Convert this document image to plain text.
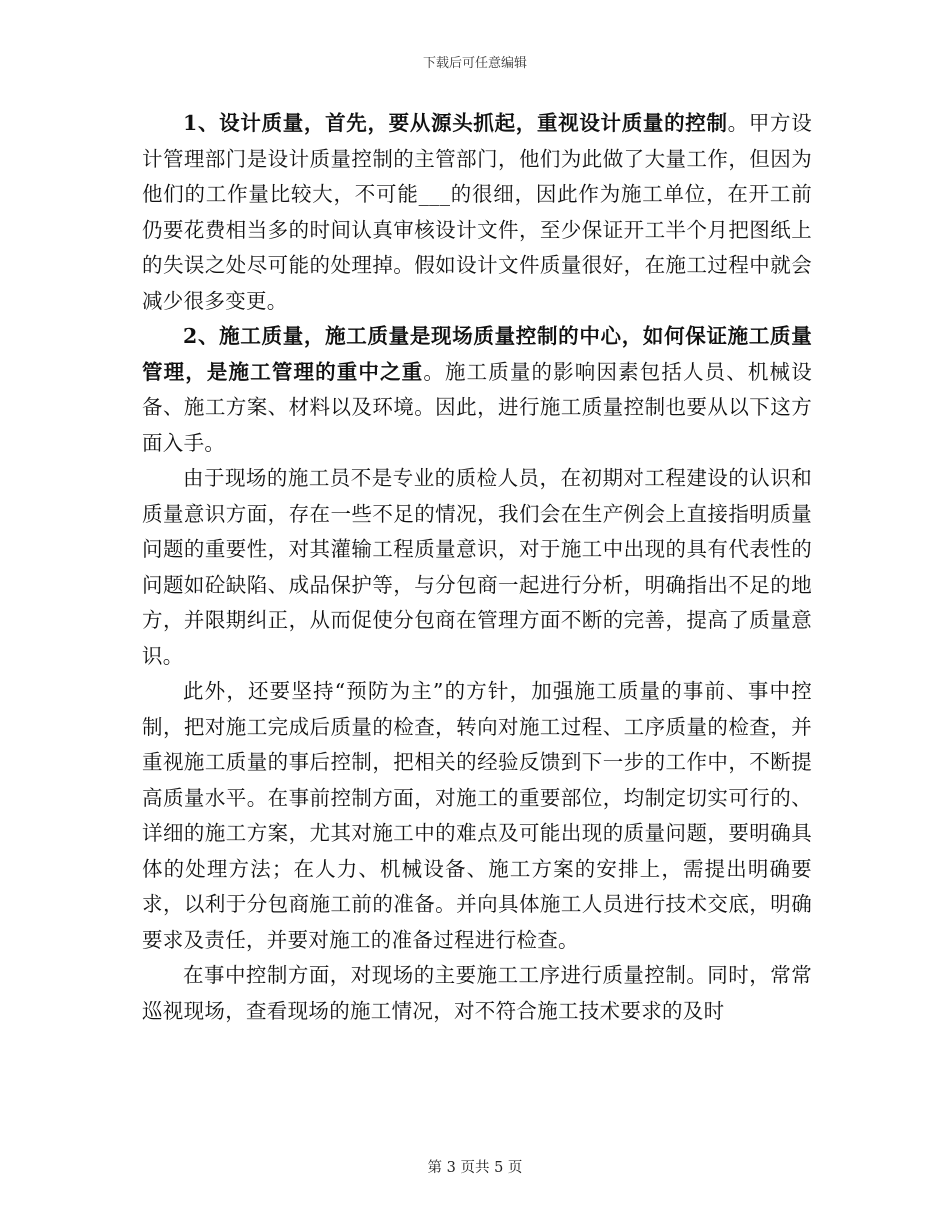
下载后可任意编辑

1、设计质量，首先，要从源头抓起，重视设计质量的控制。甲方设计管理部门是设计质量控制的主管部门，他们为此做了大量工作，但因为他们的工作量比较大，不可能___的很细，因此作为施工单位，在开工前仍要花费相当多的时间认真审核设计文件，至少保证开工半个月把图纸上的失误之处尽可能的处理掉。假如设计文件质量很好，在施工过程中就会减少很多变更。

2、施工质量，施工质量是现场质量控制的中心，如何保证施工质量管理，是施工管理的重中之重。施工质量的影响因素包括人员、机械设备、施工方案、材料以及环境。因此，进行施工质量控制也要从以下这方面入手。

由于现场的施工员不是专业的质检人员，在初期对工程建设的认识和质量意识方面，存在一些不足的情况，我们会在生产例会上直接指明质量问题的重要性，对其灌输工程质量意识，对于施工中出现的具有代表性的问题如砼缺陷、成品保护等，与分包商一起进行分析，明确指出不足的地方，并限期纠正，从而促使分包商在管理方面不断的完善，提高了质量意识。

此外，还要坚持“预防为主”的方针，加强施工质量的事前、事中控制，把对施工完成后质量的检查，转向对施工过程、工序质量的检查，并重视施工质量的事后控制，把相关的经验反馈到下一步的工作中，不断提高质量水平。在事前控制方面，对施工的重要部位，均制定切实可行的、详细的施工方案，尤其对施工中的难点及可能出现的质量问题，要明确具体的处理方法；在人力、机械设备、施工方案的安排上，需提出明确要求，以利于分包商施工前的准备。并向具体施工人员进行技术交底，明确要求及责任，并要对施工的准备过程进行检查。

在事中控制方面，对现场的主要施工工序进行质量控制。同时，常常巡视现场，查看现场的施工情况，对不符合施工技术要求的及时

第 3 页共 5 页
